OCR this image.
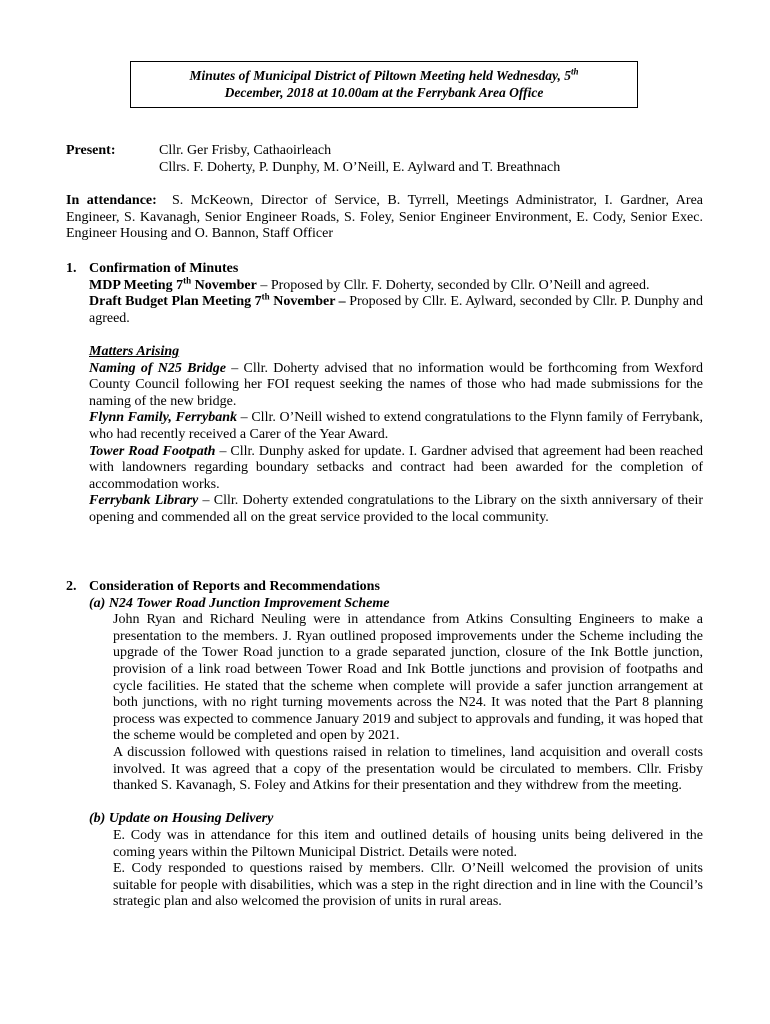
Minutes of Municipal District of Piltown Meeting held Wednesday, 5th
December, 2018 at 10.00am at the Ferrybank Area Office
Present:	Cllr. Ger Frisby, Cathaoirleach

Cllrs. F. Doherty, P. Dunphy, M. O’Neill, E. Aylward and T. Breathnach

In attendance: S. McKeown, Director of Service, B. Tyrrell, Meetings Administrator, I. Gardner, Area Engineer, S. Kavanagh, Senior Engineer Roads, S. Foley, Senior Engineer Environment, E. Cody, Senior Exec. Engineer Housing and O. Bannon, Staff Officer

1. Confirmation of Minutes

MDP Meeting 7th November – Proposed by Cllr. F. Doherty, seconded by Cllr. O’Neill and agreed.

Draft Budget Plan Meeting 7th November – Proposed by Cllr. E. Aylward, seconded by Cllr. P. Dunphy and agreed.

Matters Arising

Naming of N25 Bridge – Cllr. Doherty advised that no information would be forthcoming from Wexford County Council following her FOI request seeking the names of those who had made submissions for the naming of the new bridge.

Flynn Family, Ferrybank – Cllr. O’Neill wished to extend congratulations to the Flynn family of Ferrybank, who had recently received a Carer of the Year Award.

Tower Road Footpath – Cllr. Dunphy asked for update. I. Gardner advised that agreement had been reached with landowners regarding boundary setbacks and contract had been awarded for the completion of accommodation works.

Ferrybank Library – Cllr. Doherty extended congratulations to the Library on the sixth anniversary of their opening and commended all on the great service provided to the local community.

2. Consideration of Reports and Recommendations

(a) N24 Tower Road Junction Improvement Scheme

John Ryan and Richard Neuling were in attendance from Atkins Consulting Engineers to make a presentation to the members. J. Ryan outlined proposed improvements under the Scheme including the upgrade of the Tower Road junction to a grade separated junction, closure of the Ink Bottle junction, provision of a link road between Tower Road and Ink Bottle junctions and provision of footpaths and cycle facilities. He stated that the scheme when complete will provide a safer junction arrangement at both junctions, with no right turning movements across the N24. It was noted that the Part 8 planning process was expected to commence January 2019 and subject to approvals and funding, it was hoped that the scheme would be completed and open by 2021.

A discussion followed with questions raised in relation to timelines, land acquisition and overall costs involved. It was agreed that a copy of the presentation would be circulated to members. Cllr. Frisby thanked S. Kavanagh, S. Foley and Atkins for their presentation and they withdrew from the meeting.

(b) Update on Housing Delivery

E. Cody was in attendance for this item and outlined details of housing units being delivered in the coming years within the Piltown Municipal District. Details were noted.

E. Cody responded to questions raised by members. Cllr. O’Neill welcomed the provision of units suitable for people with disabilities, which was a step in the right direction and in line with the Council’s strategic plan and also welcomed the provision of units in rural areas.
